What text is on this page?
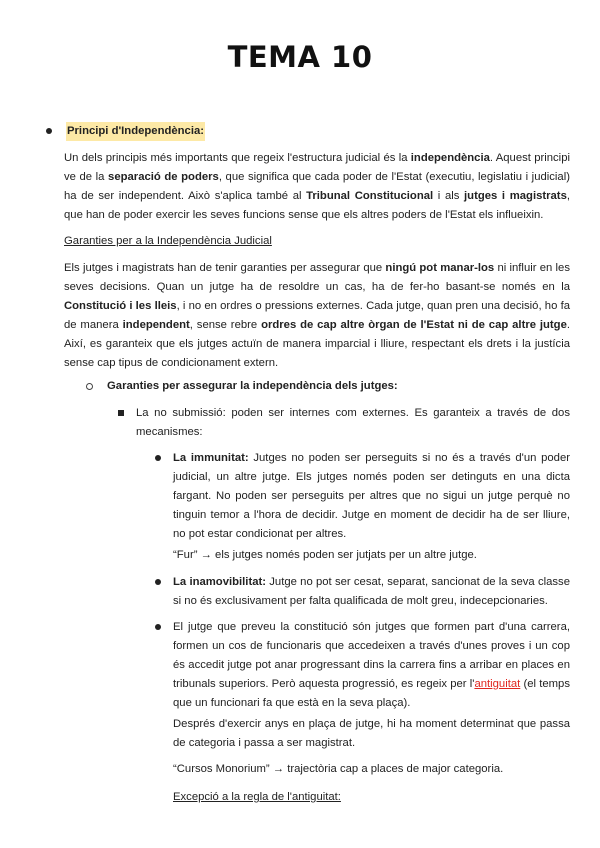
TEMA 10
Principi d'Independència:
Un dels principis més importants que regeix l'estructura judicial és la independència. Aquest principi ve de la separació de poders, que significa que cada poder de l'Estat (executiu, legislatiu i judicial) ha de ser independent. Això s'aplica també al Tribunal Constitucional i als jutges i magistrats, que han de poder exercir les seves funcions sense que els altres poders de l'Estat els influeixin.
Garanties per a la Independència Judicial
Els jutges i magistrats han de tenir garanties per assegurar que ningú pot manar-los ni influir en les seves decisions. Quan un jutge ha de resoldre un cas, ha de fer-ho basant-se només en la Constitució i les lleis, i no en ordres o pressions externes. Cada jutge, quan pren una decisió, ho fa de manera independent, sense rebre ordres de cap altre òrgan de l'Estat ni de cap altre jutge. Així, es garanteix que els jutges actuïn de manera imparcial i lliure, respectant els drets i la justícia sense cap tipus de condicionament extern.
Garanties per assegurar la independència dels jutges:
La no submissió: poden ser internes com externes. Es garanteix a través de dos mecanismes:
La immunitat: Jutges no poden ser perseguits si no és a través d'un poder judicial, un altre jutge. Els jutges només poden ser detinguts en una dicta fargant. No poden ser perseguits per altres que no sigui un jutge perquè no tinguin temor a l'hora de decidir. Jutge en moment de decidir ha de ser lliure, no pot estar condicionat per altres.
“Fur” → els jutges només poden ser jutjats per un altre jutge.
La inamovibilitat: Jutge no pot ser cesat, separat, sancionat de la seva classe si no és exclusivament per falta qualificada de molt greu, indecepcionaries.
El jutge que preveu la constitució són jutges que formen part d'una carrera, formen un cos de funcionaris que accedeixen a través d'unes proves i un cop és accedit jutge pot anar progressant dins la carrera fins a arribar en places en tribunals superiors. Però aquesta progressió, es regeix per l'antiguitat (el temps que un funcionari fa que està en la seva plaça).
Després d'exercir anys en plaça de jutge, hi ha moment determinat que passa de categoria i passa a ser magistrat.
“Cursos Monorium” → trajectòria cap a places de major categoria.
Excepció a la regla de l'antiguitat:
